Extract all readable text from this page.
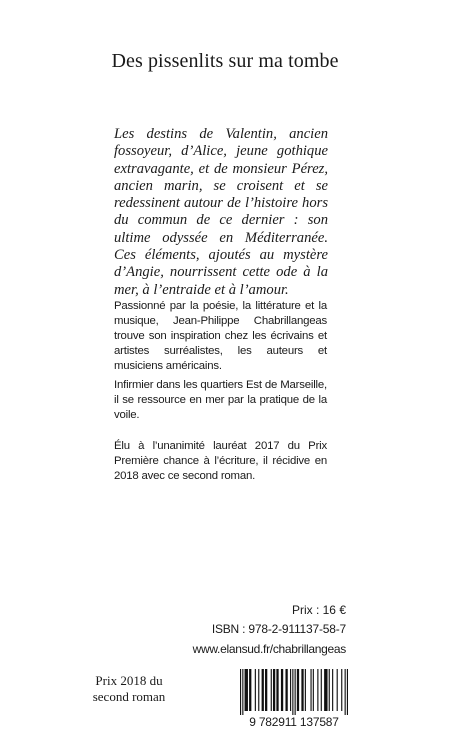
Des pissenlits sur ma tombe

Les destins de Valentin, ancien fossoyeur, d’Alice, jeune gothique extravagante, et de monsieur Pérez, ancien marin, se croisent et se redessinent autour de l’histoire hors du commun de ce dernier : son ultime odyssée en Méditerranée. Ces éléments, ajoutés au mystère d’Angie, nourrissent cette ode à la mer, à l’entraide et à l’amour.

Passionné par la poésie, la littérature et la musique, Jean-Philippe Chabrillangeas trouve son inspiration chez les écrivains et artistes surréalistes, les auteurs et musiciens américains.

Infirmier dans les quartiers Est de Marseille, il se ressource en mer par la pratique de la voile.

Élu à l’unanimité lauréat 2017 du Prix Première chance à l’écriture, il récidive en 2018 avec ce second roman.

Prix : 16 €
ISBN : 978-2-911137-58-7
www.elansud.fr/chabrillangeas
Prix 2018 du
second roman
9 782911 137587
